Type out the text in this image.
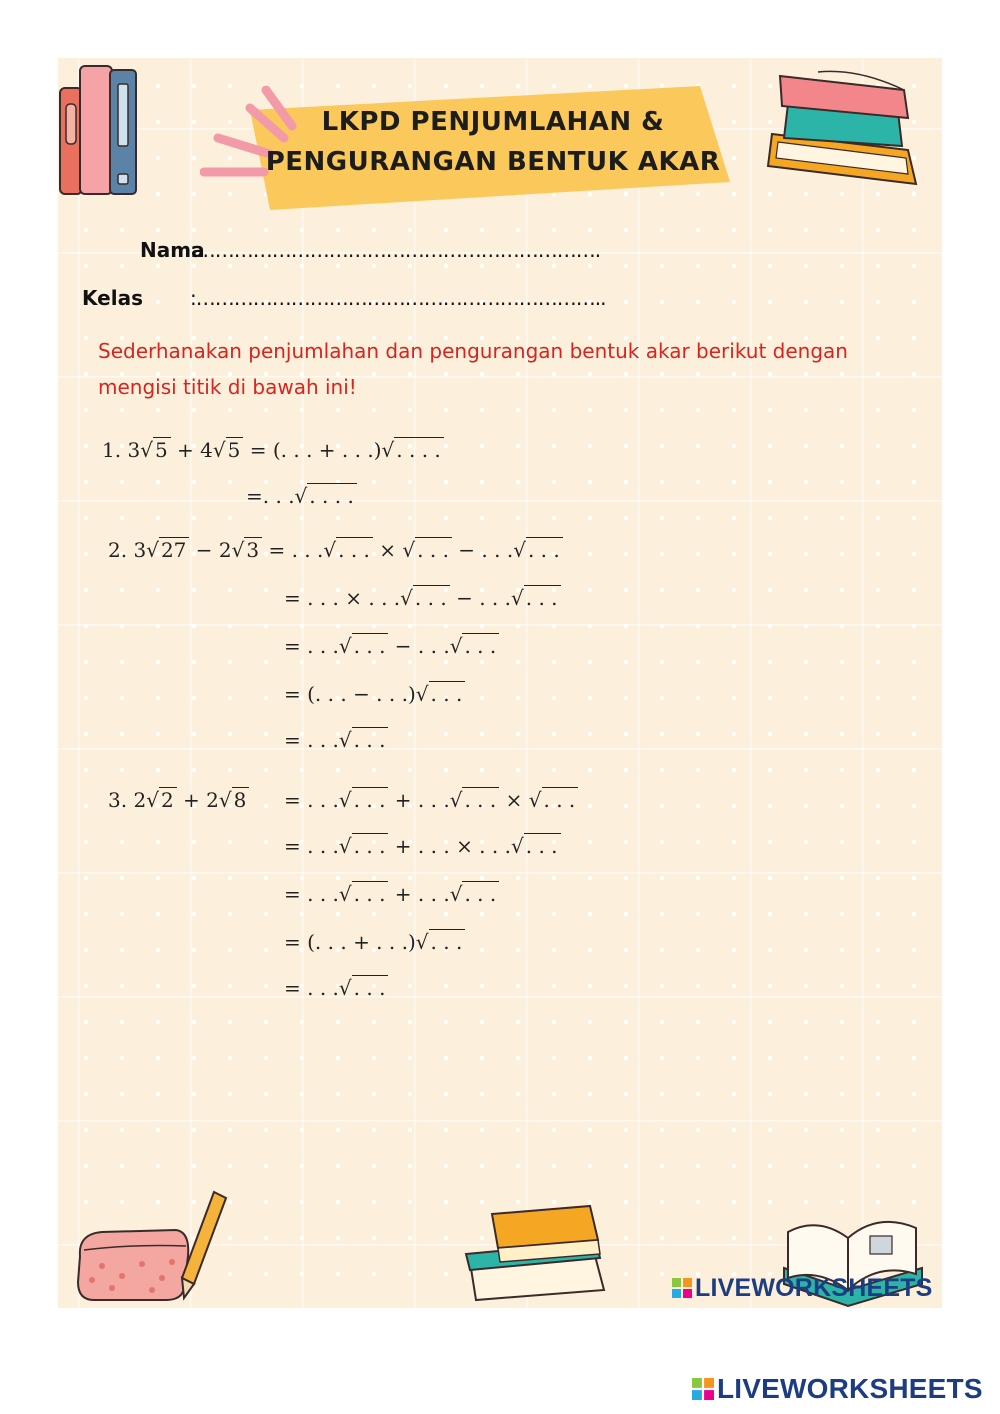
LKPD PENJUMLAHAN &
PENGURANGAN BENTUK AKAR
Nama
:……………………………………………………….
Kelas :………………………………………………………..
Sederhanakan penjumlahan dan pengurangan bentuk akar berikut dengan
mengisi titik di bawah ini!
1. 3√ 5 + 4√ 5 = (. . . + . . .)√ . . . .
=. . .√ . . . .
2. 3√ 27 − 2√ 3 = . . .√ . . . × √ . . . − . . .√ . . .
= . . . × . . .√ . . . − . . .√ . . .
= . . .√ . . . − . . .√ . . .
= (. . . − . . .)√ . . .
= . . .√ . . .
3. 2√ 2 + 2√ 8 = . . .√ . . . + . . .√ . . . × √ . . .
= . . .√ . . . + . . . × . . .√ . . .
= . . .√ . . . + . . .√ . . .
= (. . . + . . .)√ . . .
= . . .√ . . .
LIVEWORKSHEETS
LIVEWORKSHEETS
